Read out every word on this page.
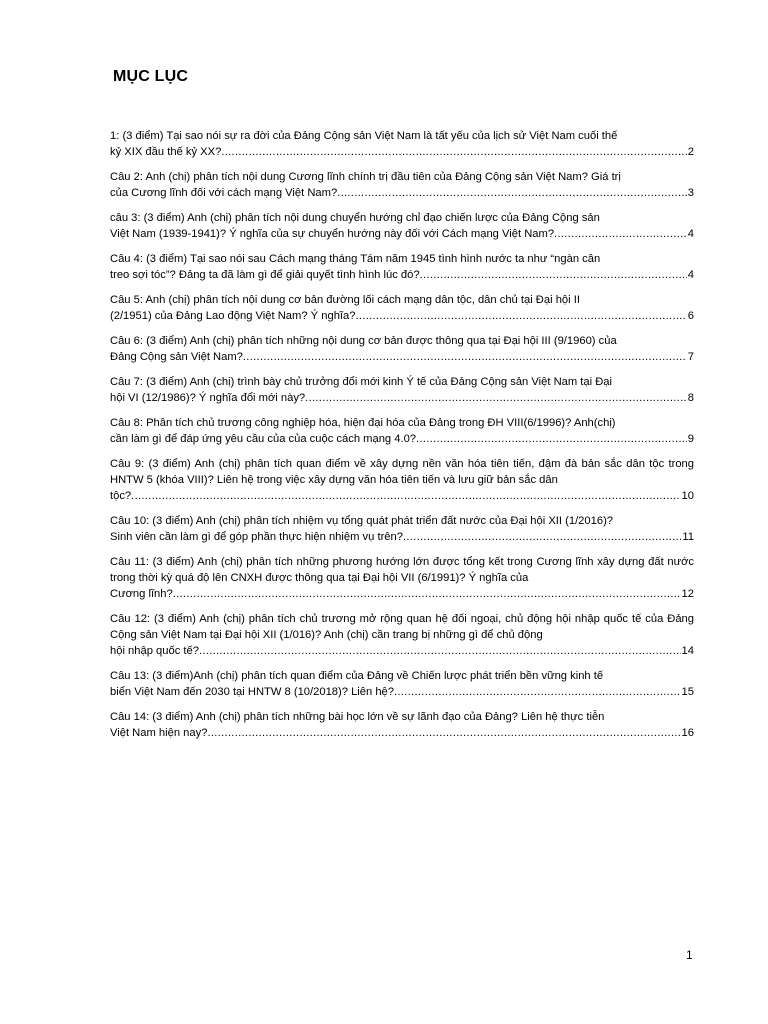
MỤC LỤC
1: (3 điểm) Tại sao nói sự ra đời của Đảng Cộng sản Việt Nam là tất yếu của lịch sử Việt Nam cuối thế
kỷ XIX đầu thế kỷ XX? .....	2
Câu 2: Anh (chị) phân tích nội dung Cương lĩnh chính trị đầu tiên của Đảng Cộng sản Việt Nam? Giá trị
của Cương lĩnh đối với cách mạng Việt Nam? .....	3
câu 3: (3 điểm) Anh (chị) phân tích nội dung chuyển hướng chỉ đạo chiến lược của Đảng Cộng sản
Việt Nam (1939-1941)? Ý nghĩa của sự chuyển hướng này đối với Cách mạng Việt Nam? .....	4
Câu 4: (3 điểm) Tại sao nói sau Cách mạng tháng Tám năm 1945 tình hình nước ta như “ngàn cân
treo sợi tóc”? Đảng ta đã làm gì để giải quyết tình hình lúc đó? .....	4
Câu 5: Anh (chị) phân tích nội dung cơ bản đường lối cách mạng dân tộc, dân chủ tại Đại hội II
(2/1951) của Đảng Lao động Việt Nam? Ý nghĩa? .....	6
Câu 6: (3 điểm) Anh (chị) phân tích những nội dung cơ bản được thông qua tại Đại hội III (9/1960) của
Đảng Cộng sản Việt Nam? .....	7
Câu 7: (3 điểm) Anh (chị) trình bày chủ trưởng đổi mới kinh Ý tế của Đảng Cộng sản Việt Nam tại Đại
hội VI (12/1986)? Ý nghĩa đổi mới này? .....	8
Câu 8: Phân tích chủ trương công nghiệp hóa, hiện đại hóa của Đảng trong ĐH VIII(6/1996)? Anh(chị)
cần làm gì để đáp ứng yêu cầu của của cuộc cách mạng 4.0? .....	9
Câu 9: (3 điểm) Anh (chị) phân tích quan điểm về xây dựng nền văn hóa tiên tiến, đậm đà bản sắc dân tộc trong HNTW 5 (khóa VIII)? Liên hệ trong việc xây dựng văn hóa tiên tiến và lưu giữ bản sắc dân
tộc? .....	10
Câu 10: (3 điểm) Anh (chị) phân tích nhiệm vụ tổng quát phát triển đất nước của Đại hội XII (1/2016)?
Sinh viên cần làm gì để góp phần thực hiện nhiệm vụ trên? .....	11
Câu 11: (3 điểm) Anh (chị) phân tích những phương hướng lớn được tổng kết trong Cương lĩnh xây dựng đất nước trong thời kỳ quá độ lên CNXH được thông qua tại Đại hội VII (6/1991)? Ý nghĩa của
Cương lĩnh? .....	12
Câu 12: (3 điểm) Anh (chị) phân tích chủ trương mở rộng quan hệ đối ngoại, chủ động hội nhập quốc tế của Đảng Cộng sản Việt Nam tại Đại hội XII (1/016)? Anh (chị) cần trang bị những gì để chủ động
hội nhập quốc tế? .....	14
Câu 13: (3 điểm)Anh (chị) phân tích quan điểm của Đảng về Chiến lược phát triển bền vững kinh tế
biển Việt Nam đến 2030 tại HNTW 8 (10/2018)? Liên hệ? .....	15
Câu 14: (3 điểm) Anh (chị) phân tích những bài học lớn về sự lãnh đạo của Đảng? Liên hệ thực tiễn
Việt Nam hiện nay? .....	16
1
